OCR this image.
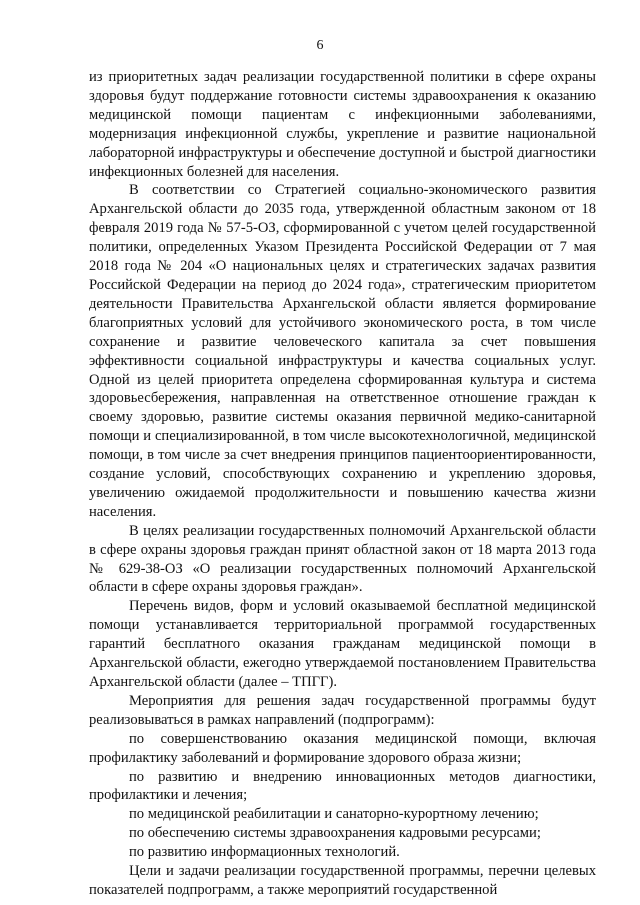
6

из приоритетных задач реализации государственной политики в сфере охраны здоровья будут поддержание готовности системы здравоохранения к оказанию медицинской помощи пациентам с инфекционными заболеваниями, модернизация инфекционной службы, укрепление и развитие национальной лабораторной инфраструктуры и обеспечение доступной и быстрой диагностики инфекционных болезней для населения.

В соответствии со Стратегией социально-экономического развития Архангельской области до 2035 года, утвержденной областным законом от 18 февраля 2019 года № 57-5-ОЗ, сформированной с учетом целей государственной политики, определенных Указом Президента Российской Федерации от 7 мая 2018 года № 204 «О национальных целях и стратегических задачах развития Российской Федерации на период до 2024 года», стратегическим приоритетом деятельности Правительства Архангельской области является формирование благоприятных условий для устойчивого экономического роста, в том числе сохранение и развитие человеческого капитала за счет повышения эффективности социальной инфраструктуры и качества социальных услуг. Одной из целей приоритета определена сформированная культура и система здоровьесбережения, направленная на ответственное отношение граждан к своему здоровью, развитие системы оказания первичной медико-санитарной помощи и специализированной, в том числе высокотехнологичной, медицинской помощи, в том числе за счет внедрения принципов пациентоориентированности, создание условий, способствующих сохранению и укреплению здоровья, увеличению ожидаемой продолжительности и повышению качества жизни населения.

В целях реализации государственных полномочий Архангельской области в сфере охраны здоровья граждан принят областной закон от 18 марта 2013 года № 629-38-ОЗ «О реализации государственных полномочий Архангельской области в сфере охраны здоровья граждан».

Перечень видов, форм и условий оказываемой бесплатной медицинской помощи устанавливается территориальной программой государственных гарантий бесплатного оказания гражданам медицинской помощи в Архангельской области, ежегодно утверждаемой постановлением Правительства Архангельской области (далее – ТПГГ).

Мероприятия для решения задач государственной программы будут реализовываться в рамках направлений (подпрограмм):

по совершенствованию оказания медицинской помощи, включая профилактику заболеваний и формирование здорового образа жизни;

по развитию и внедрению инновационных методов диагностики, профилактики и лечения;

по медицинской реабилитации и санаторно-курортному лечению;

по обеспечению системы здравоохранения кадровыми ресурсами;

по развитию информационных технологий.

Цели и задачи реализации государственной программы, перечни целевых показателей подпрограмм, а также мероприятий государственной
